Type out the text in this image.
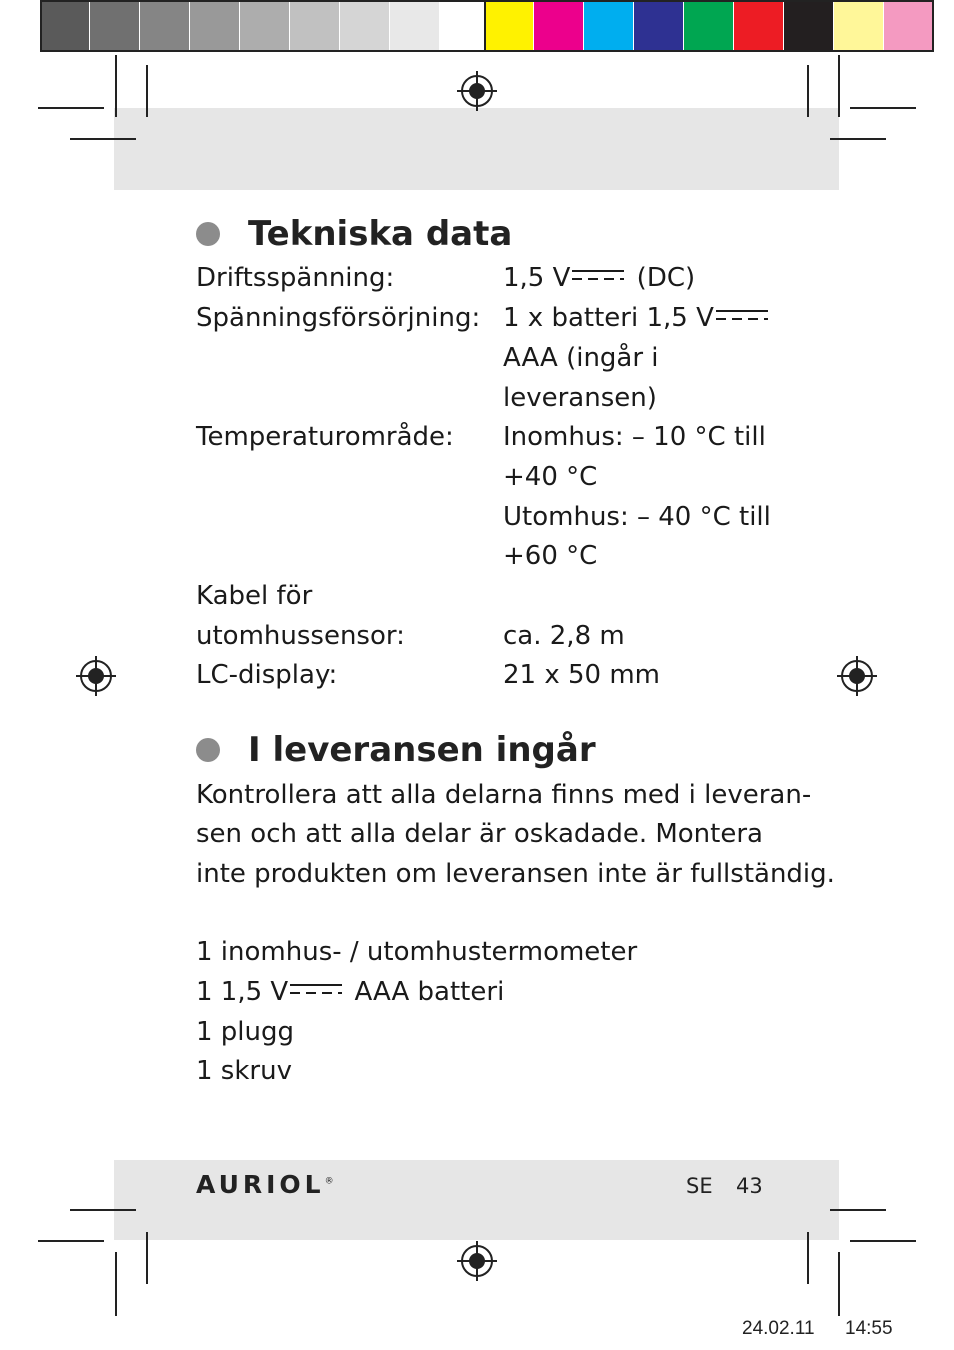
Tekniska data
Driftsspänning:	1,5 V
(DC)
Spänningsförsörjning: 1 x batteri 1,5 V
AAA (ingår i
leveransen)
Temperaturområde: Inomhus: – 10 °C till
+40 °C
Utomhus: – 40 °C till
+60 °C
Kabel för
utomhussensor:	ca. 2,8 m
LC-display:	21 x 50 mm
I leveransen ingår
Kontrollera att alla delarna finns med i leveran-
sen och att alla delar är oskadade. Montera
inte produkten om leveransen inte är fullständig.
1 inomhus- / utomhustermometer
1 1,5 V
AAA batteri
1 plugg
1 skruv
AURIOL®	SE 43
24.02.11 14:55
